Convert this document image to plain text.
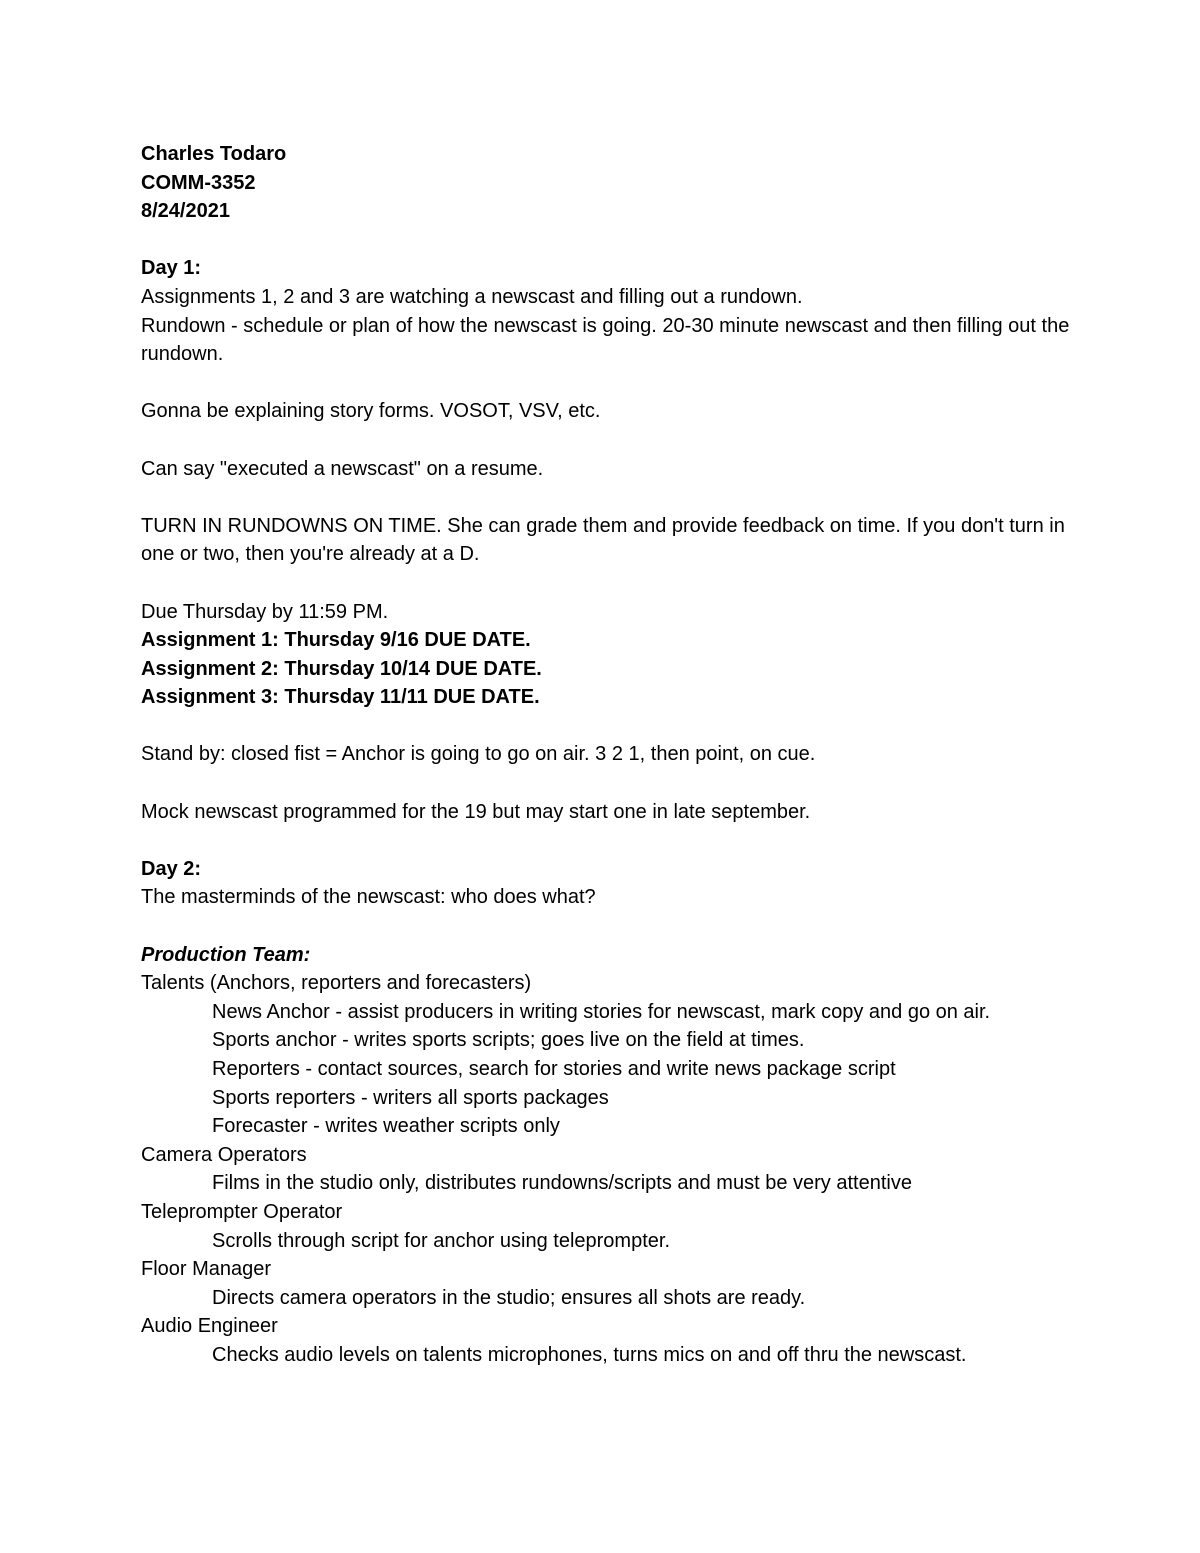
Charles Todaro
COMM-3352
8/24/2021
Day 1:
Assignments 1, 2 and 3 are watching a newscast and filling out a rundown.
Rundown - schedule or plan of how the newscast is going. 20-30 minute newscast and then filling out the rundown.
Gonna be explaining story forms. VOSOT, VSV, etc.
Can say "executed a newscast" on a resume.
TURN IN RUNDOWNS ON TIME. She can grade them and provide feedback on time. If you don't turn in one or two, then you're already at a D.
Due Thursday by 11:59 PM.
Assignment 1: Thursday 9/16 DUE DATE.
Assignment 2: Thursday 10/14 DUE DATE.
Assignment 3: Thursday 11/11 DUE DATE.
Stand by: closed fist = Anchor is going to go on air. 3 2 1, then point, on cue.
Mock newscast programmed for the 19 but may start one in late september.
Day 2:
The masterminds of the newscast: who does what?
Production Team:
Talents (Anchors, reporters and forecasters)
News Anchor - assist producers in writing stories for newscast, mark copy and go on air.
Sports anchor - writes sports scripts; goes live on the field at times.
Reporters - contact sources, search for stories and write news package script
Sports reporters - writers all sports packages
Forecaster - writes weather scripts only
Camera Operators
Films in the studio only, distributes rundowns/scripts and must be very attentive
Teleprompter Operator
Scrolls through script for anchor using teleprompter.
Floor Manager
Directs camera operators in the studio; ensures all shots are ready.
Audio Engineer
Checks audio levels on talents microphones, turns mics on and off thru the newscast.
